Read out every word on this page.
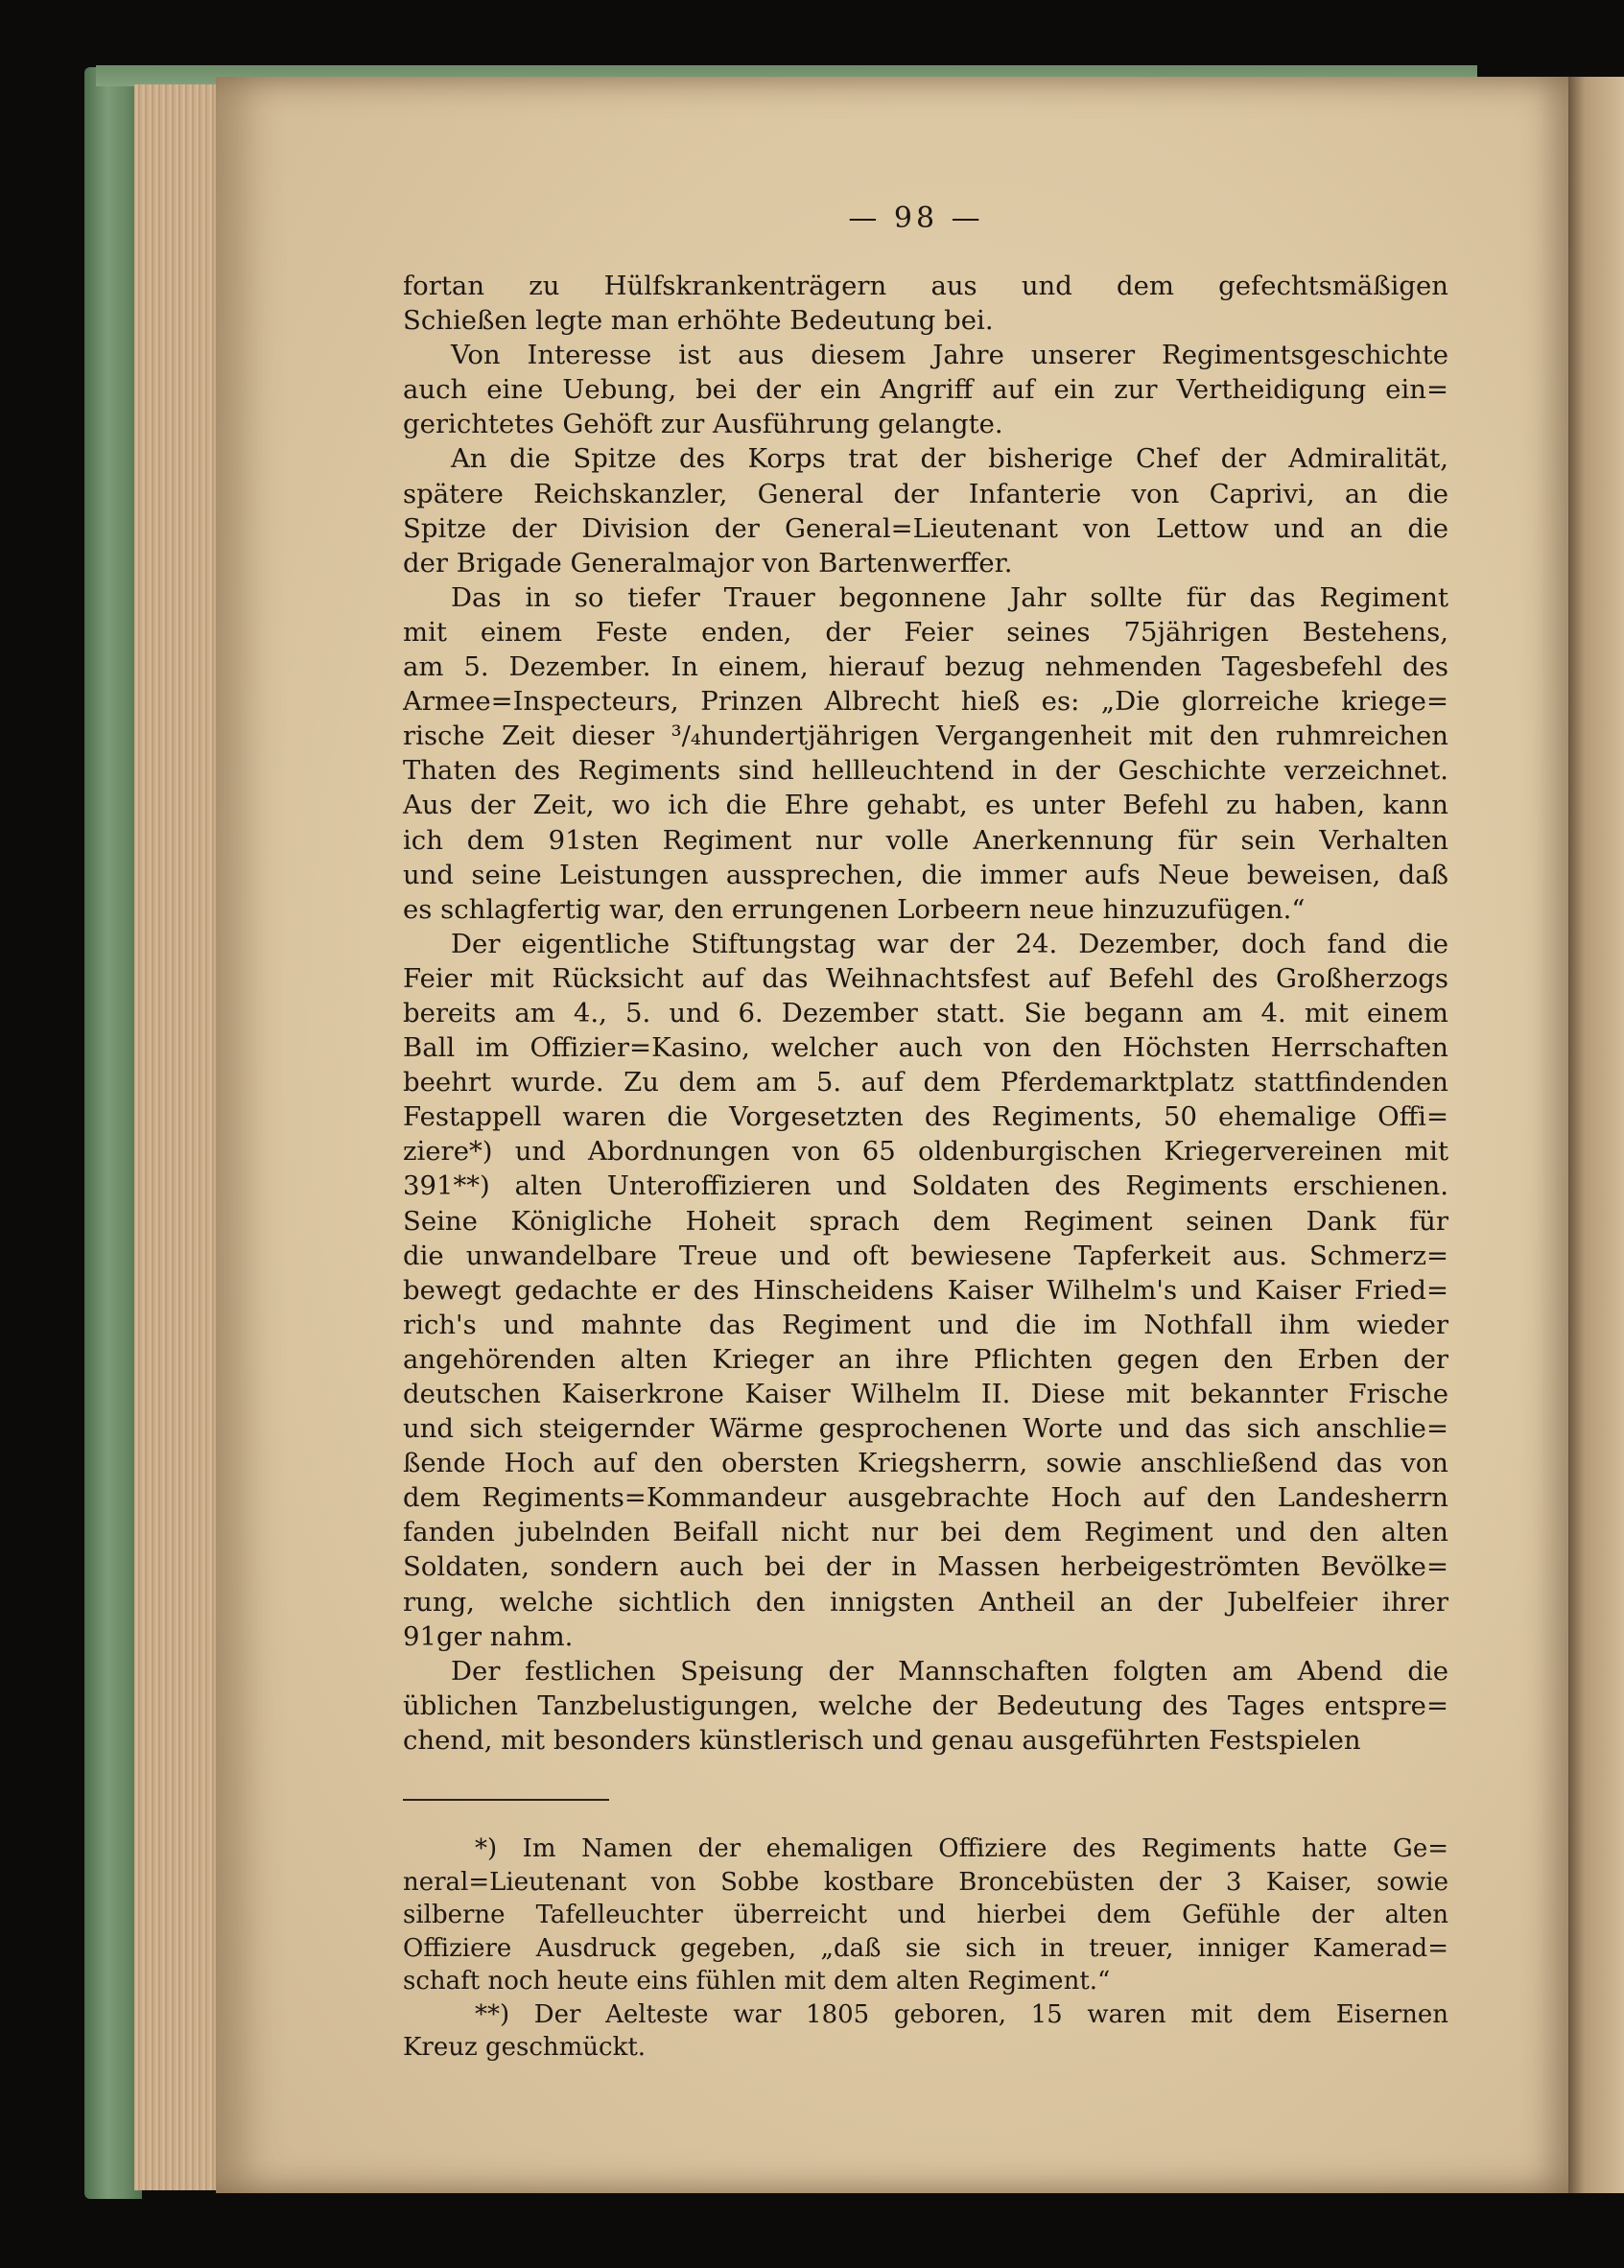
— 98 —
fortan zu Hülfskrankenträgern aus und dem gefechtsmäßigen
Schießen legte man erhöhte Bedeutung bei.
Von Interesse ist aus diesem Jahre unserer Regimentsgeschichte
auch eine Uebung, bei der ein Angriff auf ein zur Vertheidigung ein=
gerichtetes Gehöft zur Ausführung gelangte.
An die Spitze des Korps trat der bisherige Chef der Admiralität,
spätere Reichskanzler, General der Infanterie von Caprivi, an die
Spitze der Division der General=Lieutenant von Lettow und an die
der Brigade Generalmajor von Bartenwerffer.
Das in so tiefer Trauer begonnene Jahr sollte für das Regiment
mit einem Feste enden, der Feier seines 75jährigen Bestehens,
am 5. Dezember. In einem, hierauf bezug nehmenden Tagesbefehl des
Armee=Inspecteurs, Prinzen Albrecht hieß es: „Die glorreiche kriege=
rische Zeit dieser ³/₄hundertjährigen Vergangenheit mit den ruhmreichen
Thaten des Regiments sind hellleuchtend in der Geschichte verzeichnet.
Aus der Zeit, wo ich die Ehre gehabt, es unter Befehl zu haben, kann
ich dem 91sten Regiment nur volle Anerkennung für sein Verhalten
und seine Leistungen aussprechen, die immer aufs Neue beweisen, daß
es schlagfertig war, den errungenen Lorbeern neue hinzuzufügen.“
Der eigentliche Stiftungstag war der 24. Dezember, doch fand die
Feier mit Rücksicht auf das Weihnachtsfest auf Befehl des Großherzogs
bereits am 4., 5. und 6. Dezember statt. Sie begann am 4. mit einem
Ball im Offizier=Kasino, welcher auch von den Höchsten Herrschaften
beehrt wurde. Zu dem am 5. auf dem Pferdemarktplatz stattfindenden
Festappell waren die Vorgesetzten des Regiments, 50 ehemalige Offi=
ziere*) und Abordnungen von 65 oldenburgischen Kriegervereinen mit
391**) alten Unteroffizieren und Soldaten des Regiments erschienen.
Seine Königliche Hoheit sprach dem Regiment seinen Dank für
die unwandelbare Treue und oft bewiesene Tapferkeit aus. Schmerz=
bewegt gedachte er des Hinscheidens Kaiser Wilhelm's und Kaiser Fried=
rich's und mahnte das Regiment und die im Nothfall ihm wieder
angehörenden alten Krieger an ihre Pflichten gegen den Erben der
deutschen Kaiserkrone Kaiser Wilhelm II. Diese mit bekannter Frische
und sich steigernder Wärme gesprochenen Worte und das sich anschlie=
ßende Hoch auf den obersten Kriegsherrn, sowie anschließend das von
dem Regiments=Kommandeur ausgebrachte Hoch auf den Landesherrn
fanden jubelnden Beifall nicht nur bei dem Regiment und den alten
Soldaten, sondern auch bei der in Massen herbeigeströmten Bevölke=
rung, welche sichtlich den innigsten Antheil an der Jubelfeier ihrer
91ger nahm.
Der festlichen Speisung der Mannschaften folgten am Abend die
üblichen Tanzbelustigungen, welche der Bedeutung des Tages entspre=
chend, mit besonders künstlerisch und genau ausgeführten Festspielen
*) Im Namen der ehemaligen Offiziere des Regiments hatte Ge=
neral=Lieutenant von Sobbe kostbare Broncebüsten der 3 Kaiser, sowie
silberne Tafelleuchter überreicht und hierbei dem Gefühle der alten
Offiziere Ausdruck gegeben, „daß sie sich in treuer, inniger Kamerad=
schaft noch heute eins fühlen mit dem alten Regiment.“
**) Der Aelteste war 1805 geboren, 15 waren mit dem Eisernen
Kreuz geschmückt.
